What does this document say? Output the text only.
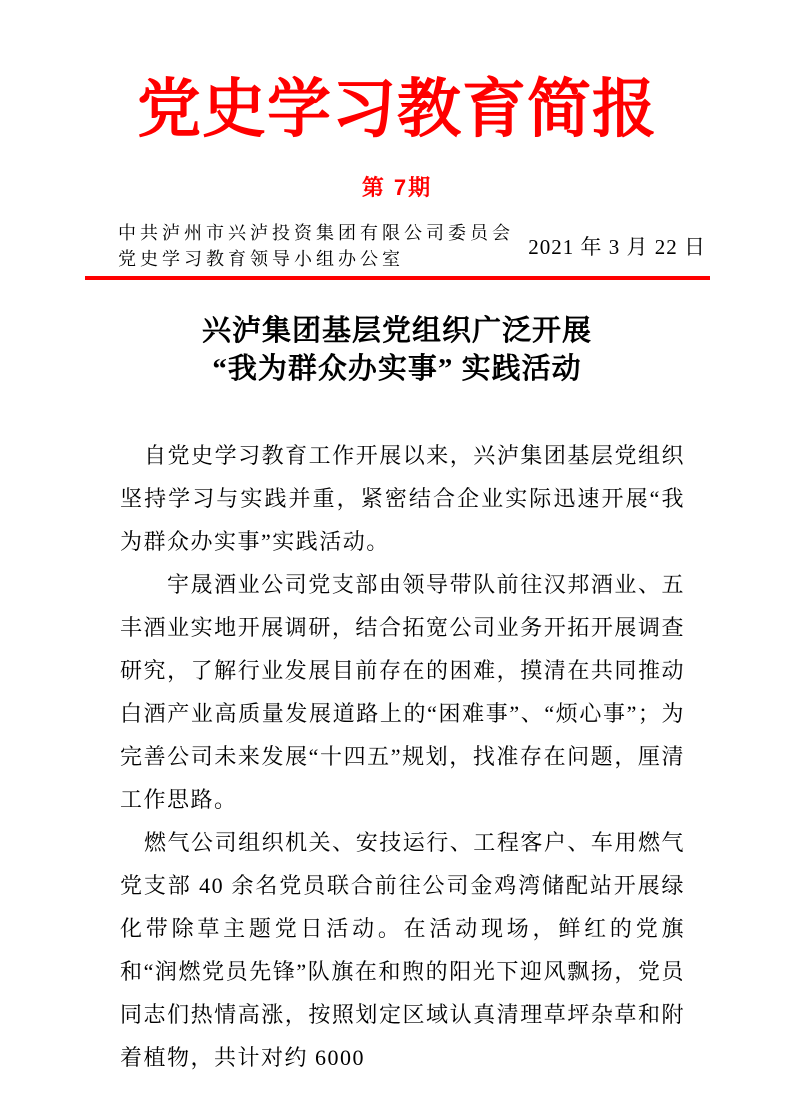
党史学习教育简报
第 7期
中共泸州市兴泸投资集团有限公司委员会
党史学习教育领导小组办公室	2021 年 3 月 22 日
兴泸集团基层党组织广泛开展
“我为群众办实事” 实践活动

自党史学习教育工作开展以来，兴泸集团基层党组织坚持学习与实践并重，紧密结合企业实际迅速开展“我为群众办实事”实践活动。

宇晟酒业公司党支部由领导带队前往汉邦酒业、五丰酒业实地开展调研，结合拓宽公司业务开拓开展调查研究，了解行业发展目前存在的困难，摸清在共同推动白酒产业高质量发展道路上的“困难事”、“烦心事”；为完善公司未来发展“十四五”规划，找准存在问题，厘清工作思路。

燃气公司组织机关、安技运行、工程客户、车用燃气党支部 40 余名党员联合前往公司金鸡湾储配站开展绿化带除草主题党日活动。在活动现场，鲜红的党旗和“润燃党员先锋”队旗在和煦的阳光下迎风飘扬，党员同志们热情高涨，按照划定区域认真清理草坪杂草和附着植物，共计对约 6000
